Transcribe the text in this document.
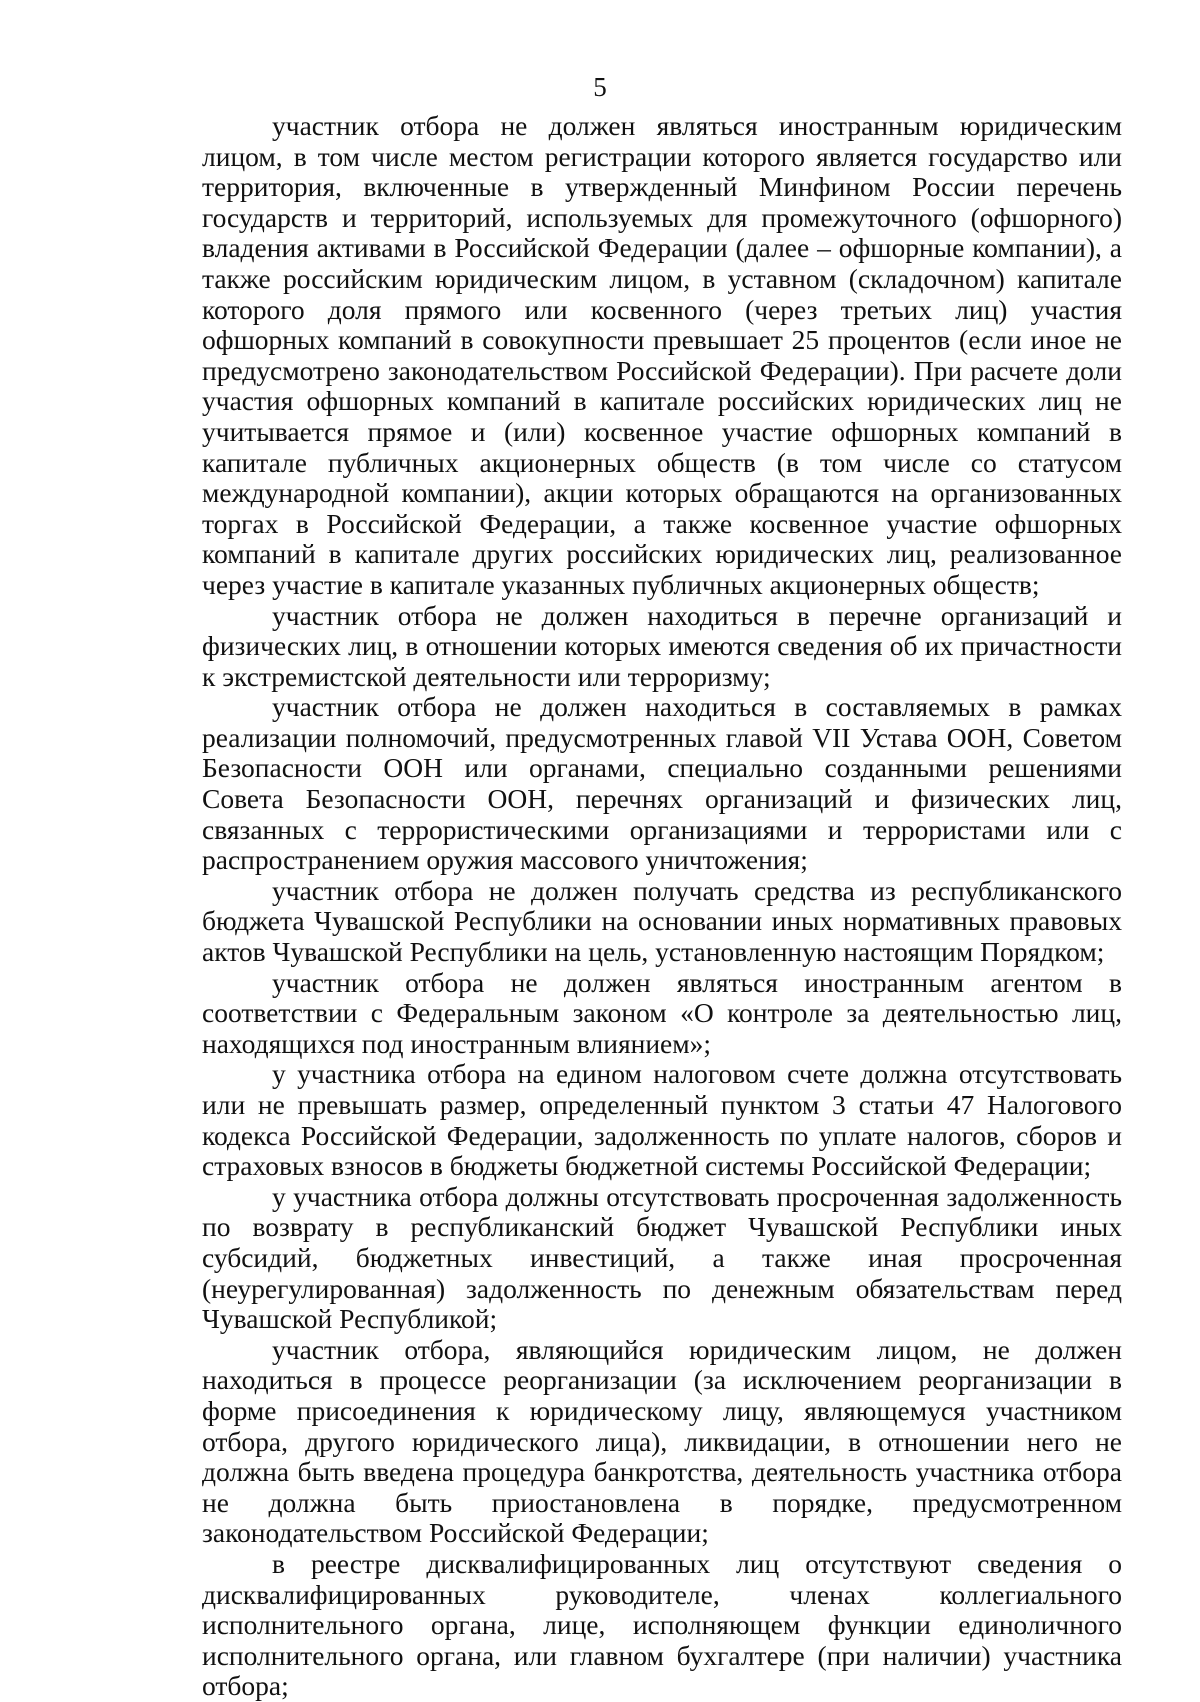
5

участник отбора не должен являться иностранным юридическим лицом, в том числе местом регистрации которого является государство или территория, включенные в утвержденный Минфином России перечень государств и территорий, используемых для промежуточного (офшорного) владения активами в Российской Федерации (далее – офшорные компании), а также российским юридическим лицом, в уставном (складочном) капитале которого доля прямого или косвенного (через третьих лиц) участия офшорных компаний в совокупности превышает 25 процентов (если иное не предусмотрено законодательством Российской Федерации). При расчете доли участия офшорных компаний в капитале российских юридических лиц не учитывается прямое и (или) косвенное участие офшорных компаний в капитале публичных акционерных обществ (в том числе со статусом международной компании), акции которых обращаются на организованных торгах в Российской Федерации, а также косвенное участие офшорных компаний в капитале других российских юридических лиц, реализованное через участие в капитале указанных публичных акционерных обществ;

участник отбора не должен находиться в перечне организаций и физических лиц, в отношении которых имеются сведения об их причастности к экстремистской деятельности или терроризму;

участник отбора не должен находиться в составляемых в рамках реализации полномочий, предусмотренных главой VII Устава ООН, Советом Безопасности ООН или органами, специально созданными решениями Совета Безопасности ООН, перечнях организаций и физических лиц, связанных с террористическими организациями и террористами или с распространением оружия массового уничтожения;

участник отбора не должен получать средства из республиканского бюджета Чувашской Республики на основании иных нормативных правовых актов Чувашской Республики на цель, установленную настоящим Порядком;

участник отбора не должен являться иностранным агентом в соответствии с Федеральным законом «О контроле за деятельностью лиц, находящихся под иностранным влиянием»;

у участника отбора на едином налоговом счете должна отсутствовать или не превышать размер, определенный пунктом 3 статьи 47 Налогового кодекса Российской Федерации, задолженность по уплате налогов, сборов и страховых взносов в бюджеты бюджетной системы Российской Федерации;

у участника отбора должны отсутствовать просроченная задолженность по возврату в республиканский бюджет Чувашской Республики иных субсидий, бюджетных инвестиций, а также иная просроченная (неурегулированная) задолженность по денежным обязательствам перед Чувашской Республикой;

участник отбора, являющийся юридическим лицом, не должен находиться в процессе реорганизации (за исключением реорганизации в форме присоединения к юридическому лицу, являющемуся участником отбора, другого юридического лица), ликвидации, в отношении него не должна быть введена процедура банкротства, деятельность участника отбора не должна быть приостановлена в порядке, предусмотренном законодательством Российской Федерации;

в реестре дисквалифицированных лиц отсутствуют сведения о дисквалифицированных руководителе, членах коллегиального исполнительного органа, лице, исполняющем функции единоличного исполнительного органа, или главном бухгалтере (при наличии) участника отбора;
